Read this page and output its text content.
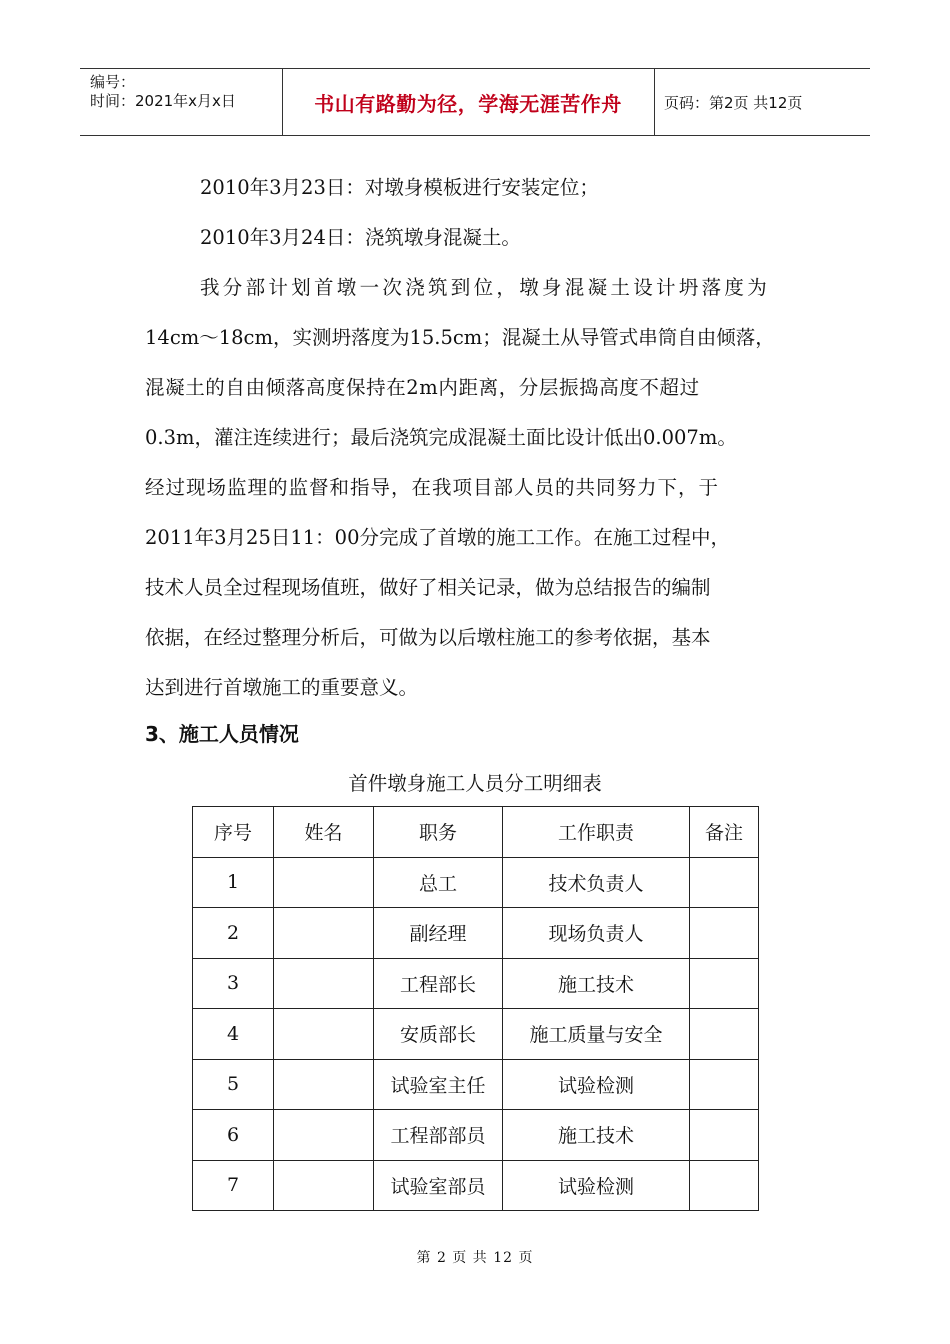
编号：
时间：2021年x月x日	书山有路勤为径，学海无涯苦作舟	页码：第2页 共12页
2010年3月23日：对墩身模板进行安装定位；
2010年3月24日：浇筑墩身混凝土。
我分部计划首墩一次浇筑到位，墩身混凝土设计坍落度为
14cm～18cm，实测坍落度为15.5cm；混凝土从导管式串筒自由倾落，
混凝土的自由倾落高度保持在2m内距离，分层振捣高度不超过
0.3m，灌注连续进行；最后浇筑完成混凝土面比设计低出0.007m。
经过现场监理的监督和指导，在我项目部人员的共同努力下，于
2011年3月25日11：00分完成了首墩的施工工作。在施工过程中，
技术人员全过程现场值班，做好了相关记录，做为总结报告的编制
依据，在经过整理分析后，可做为以后墩柱施工的参考依据，基本
达到进行首墩施工的重要意义。
3、施工人员情况
首件墩身施工人员分工明细表
序号	姓名	职务	工作职责	备注
1		总工	技术负责人	
2		副经理	现场负责人	
3		工程部长	施工技术	
4		安质部长	施工质量与安全	
5		试验室主任	试验检测	
6		工程部部员	施工技术	
7		试验室部员	试验检测	
第 2 页 共 12 页
